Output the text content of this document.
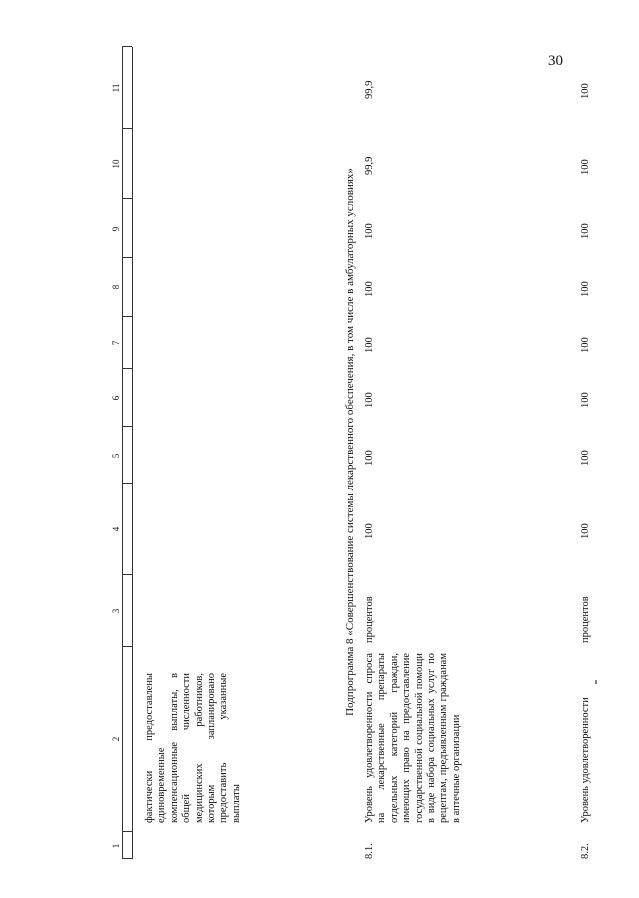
30
1
2
3
4
5
6
7
8
9
10
11
фактически предоставлены единовременные компенсационные выплаты, в общей численности медицинских работников, которым запланировано предоставить указанные выплаты
Подпрограмма 8 «Совершенствование системы лекарственного обеспечения, в том числе в амбулаторных условиях»
8.1.
Уровень удовлетворенности спроса на лекарственные препараты отдельных категорий граждан, имеющих право на предоставление государственной социальной помощи в виде набора социальных услуг по рецептам, предъявленным гражданам в аптечные организации
процентов
100
100
100
100
100
100
99,9
99,9
8.2.
Уровень удовлетворенности
процентов
100
100
100
100
100
100
100
100
